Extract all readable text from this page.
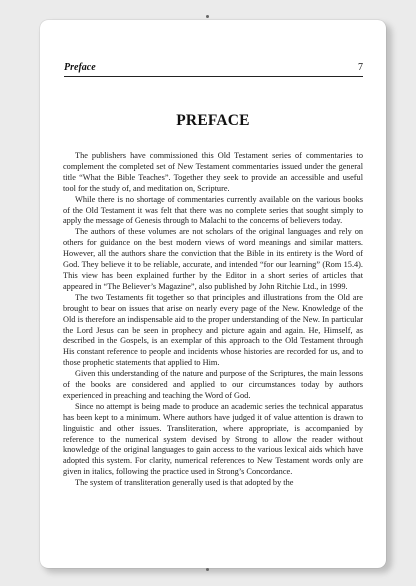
Preface	7
PREFACE

The publishers have commissioned this Old Testament series of commentaries to complement the completed set of New Testament commentaries issued under the general title “What the Bible Teaches”. Together they seek to provide an accessible and useful tool for the study of, and meditation on, Scripture.

While there is no shortage of commentaries currently available on the various books of the Old Testament it was felt that there was no complete series that sought simply to apply the message of Genesis through to Malachi to the concerns of believers today.

The authors of these volumes are not scholars of the original languages and rely on others for guidance on the best modern views of word meanings and similar matters. However, all the authors share the conviction that the Bible in its entirety is the Word of God. They believe it to be reliable, accurate, and intended “for our learning” (Rom 15.4). This view has been explained further by the Editor in a short series of articles that appeared in “The Believer’s Magazine”, also published by John Ritchie Ltd., in 1999.

The two Testaments fit together so that principles and illustrations from the Old are brought to bear on issues that arise on nearly every page of the New. Knowledge of the Old is therefore an indispensable aid to the proper understanding of the New. In particular the Lord Jesus can be seen in prophecy and picture again and again. He, Himself, as described in the Gospels, is an exemplar of this approach to the Old Testament through His constant reference to people and incidents whose histories are recorded for us, and to those prophetic statements that applied to Him.

Given this understanding of the nature and purpose of the Scriptures, the main lessons of the books are considered and applied to our circumstances today by authors experienced in preaching and teaching the Word of God.

Since no attempt is being made to produce an academic series the technical apparatus has been kept to a minimum. Where authors have judged it of value attention is drawn to linguistic and other issues. Transliteration, where appropriate, is accompanied by reference to the numerical system devised by Strong to allow the reader without knowledge of the original languages to gain access to the various lexical aids which have adopted this system. For clarity, numerical references to New Testament words only are given in italics, following the practice used in Strong’s Concordance.

The system of transliteration generally used is that adopted by the
